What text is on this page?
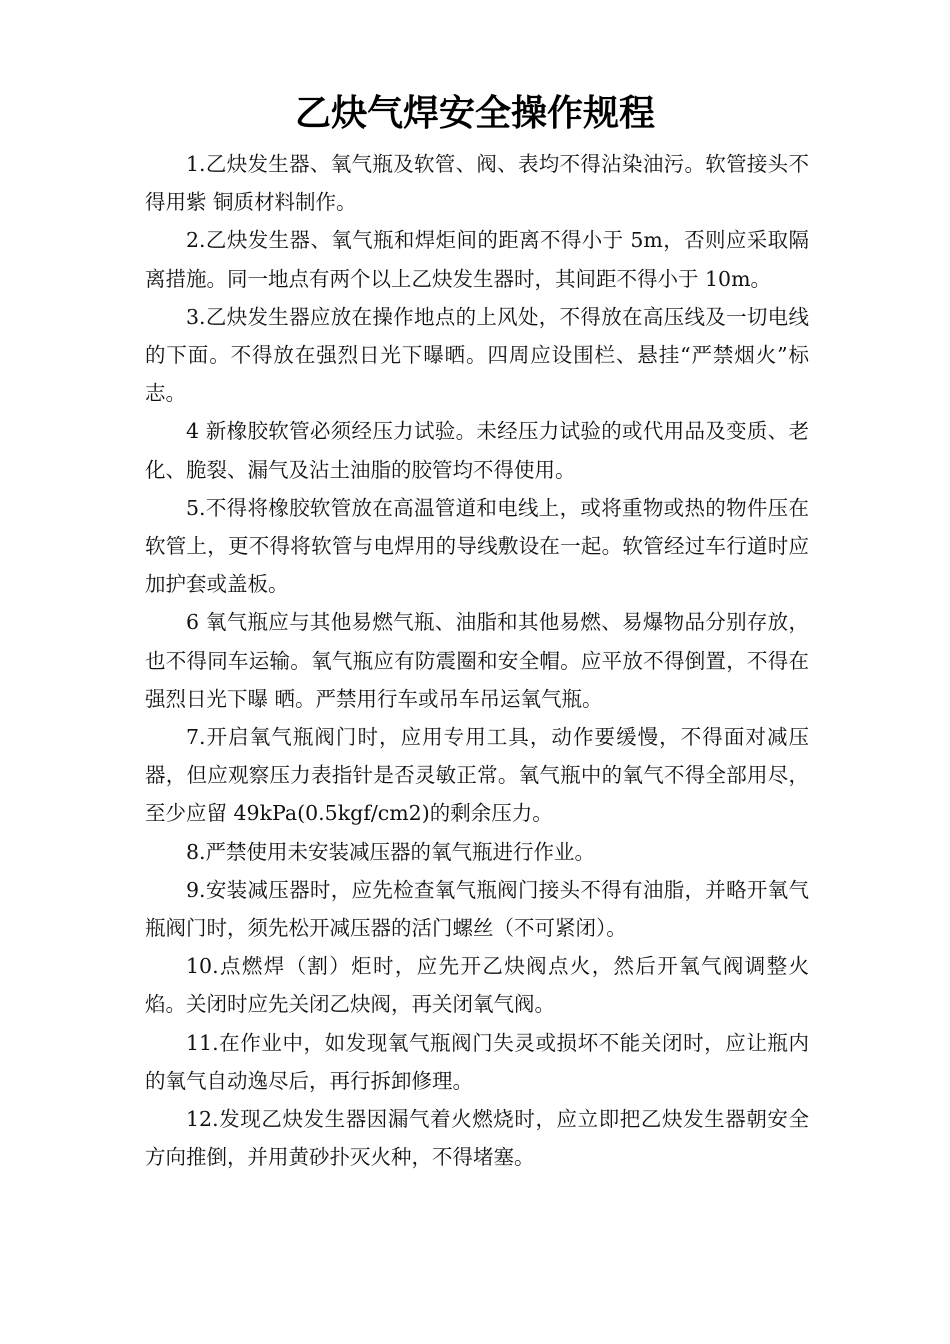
乙炔气焊安全操作规程

1.乙炔发生器、氧气瓶及软管、阀、表均不得沾染油污。软管接头不得用紫 铜质材料制作。

2.乙炔发生器、氧气瓶和焊炬间的距离不得小于 5m，否则应采取隔离措施。同一地点有两个以上乙炔发生器时，其间距不得小于 10m。

3.乙炔发生器应放在操作地点的上风处，不得放在高压线及一切电线的下面。不得放在强烈日光下曝晒。四周应设围栏、悬挂“严禁烟火”标志。

4 新橡胶软管必须经压力试验。未经压力试验的或代用品及变质、老化、脆裂、漏气及沾土油脂的胶管均不得使用。

5.不得将橡胶软管放在高温管道和电线上，或将重物或热的物件压在软管上，更不得将软管与电焊用的导线敷设在一起。软管经过车行道时应加护套或盖板。

6 氧气瓶应与其他易燃气瓶、油脂和其他易燃、易爆物品分别存放，也不得同车运输。氧气瓶应有防震圈和安全帽。应平放不得倒置，不得在强烈日光下曝 晒。严禁用行车或吊车吊运氧气瓶。

7.开启氧气瓶阀门时，应用专用工具，动作要缓慢，不得面对减压器，但应观察压力表指针是否灵敏正常。氧气瓶中的氧气不得全部用尽，至少应留 49kPa(0.5kgf/cm2)的剩余压力。

8.严禁使用未安装减压器的氧气瓶进行作业。

9.安装减压器时，应先检查氧气瓶阀门接头不得有油脂，并略开氧气瓶阀门时，须先松开减压器的活门螺丝（不可紧闭）。

10.点燃焊（割）炬时，应先开乙炔阀点火，然后开氧气阀调整火焰。关闭时应先关闭乙炔阀，再关闭氧气阀。

11.在作业中，如发现氧气瓶阀门失灵或损坏不能关闭时，应让瓶内的氧气自动逸尽后，再行拆卸修理。

12.发现乙炔发生器因漏气着火燃烧时，应立即把乙炔发生器朝安全方向推倒，并用黄砂扑灭火种，不得堵塞。
